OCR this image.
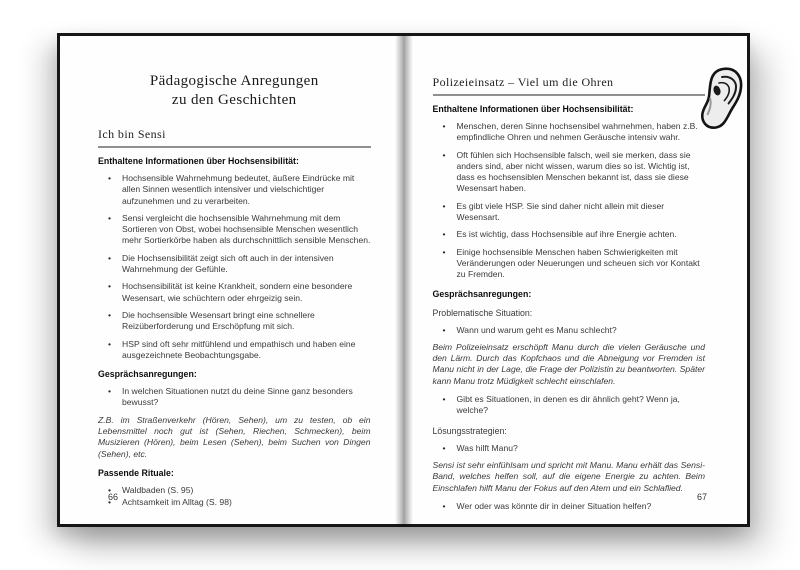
Pädagogische Anregungen
zu den Geschichten
Ich bin Sensi
Enthaltene Informationen über Hochsensibilität:
• Hochsensible Wahrnehmung bedeutet, äußere Eindrücke mit allen Sinnen wesentlich intensiver und vielschichtiger aufzunehmen und zu verarbeiten.
• Sensi vergleicht die hochsensible Wahrnehmung mit dem Sortieren von Obst, wobei hochsensible Menschen wesentlich mehr Sortierkörbe haben als durchschnittlich sensible Menschen.
• Die Hochsensibilität zeigt sich oft auch in der intensiven Wahrnehmung der Gefühle.
• Hochsensibilität ist keine Krankheit, sondern eine besondere Wesensart, wie schüchtern oder ehrgeizig sein.
• Die hochsensible Wesensart bringt eine schnellere Reizüberforderung und Erschöpfung mit sich.
• HSP sind oft sehr mitfühlend und empathisch und haben eine ausgezeichnete Beobachtungsgabe.
Gesprächsanregungen:
• In welchen Situationen nutzt du deine Sinne ganz besonders bewusst?
Z.B. im Straßenverkehr (Hören, Sehen), um zu testen, ob ein Lebensmittel noch gut ist (Sehen, Riechen, Schmecken), beim Musizieren (Hören), beim Lesen (Sehen), beim Suchen von Dingen (Sehen), etc.
Passende Rituale:
• Waldbaden (S. 95)
• Achtsamkeit im Alltag (S. 98)
66
Polizeieinsatz – Viel um die Ohren
Enthaltene Informationen über Hochsensibilität:
• Menschen, deren Sinne hochsensibel wahrnehmen, haben z.B. empfindliche Ohren und nehmen Geräusche intensiv wahr.
• Oft fühlen sich Hochsensible falsch, weil sie merken, dass sie anders sind, aber nicht wissen, warum dies so ist. Wichtig ist, dass es hochsensiblen Menschen bekannt ist, dass sie diese Wesensart haben.
• Es gibt viele HSP. Sie sind daher nicht allein mit dieser Wesensart.
• Es ist wichtig, dass Hochsensible auf ihre Energie achten.
• Einige hochsensible Menschen haben Schwierigkeiten mit Veränderungen oder Neuerungen und scheuen sich vor Kontakt zu Fremden.
Gesprächsanregungen:
Problematische Situation:
• Wann und warum geht es Manu schlecht?
Beim Polizeieinsatz erschöpft Manu durch die vielen Geräusche und den Lärm. Durch das Kopfchaos und die Abneigung vor Fremden ist Manu nicht in der Lage, die Frage der Polizistin zu beantworten. Später kann Manu trotz Müdigkeit schlecht einschlafen.
• Gibt es Situationen, in denen es dir ähnlich geht? Wenn ja, welche?
Lösungsstrategien:
• Was hilft Manu?
Sensi ist sehr einfühlsam und spricht mit Manu. Manu erhält das Sensi-Band, welches helfen soll, auf die eigene Energie zu achten. Beim Einschlafen hilft Manu der Fokus auf den Atem und ein Schlaflied.
• Wer oder was könnte dir in deiner Situation helfen?
67
